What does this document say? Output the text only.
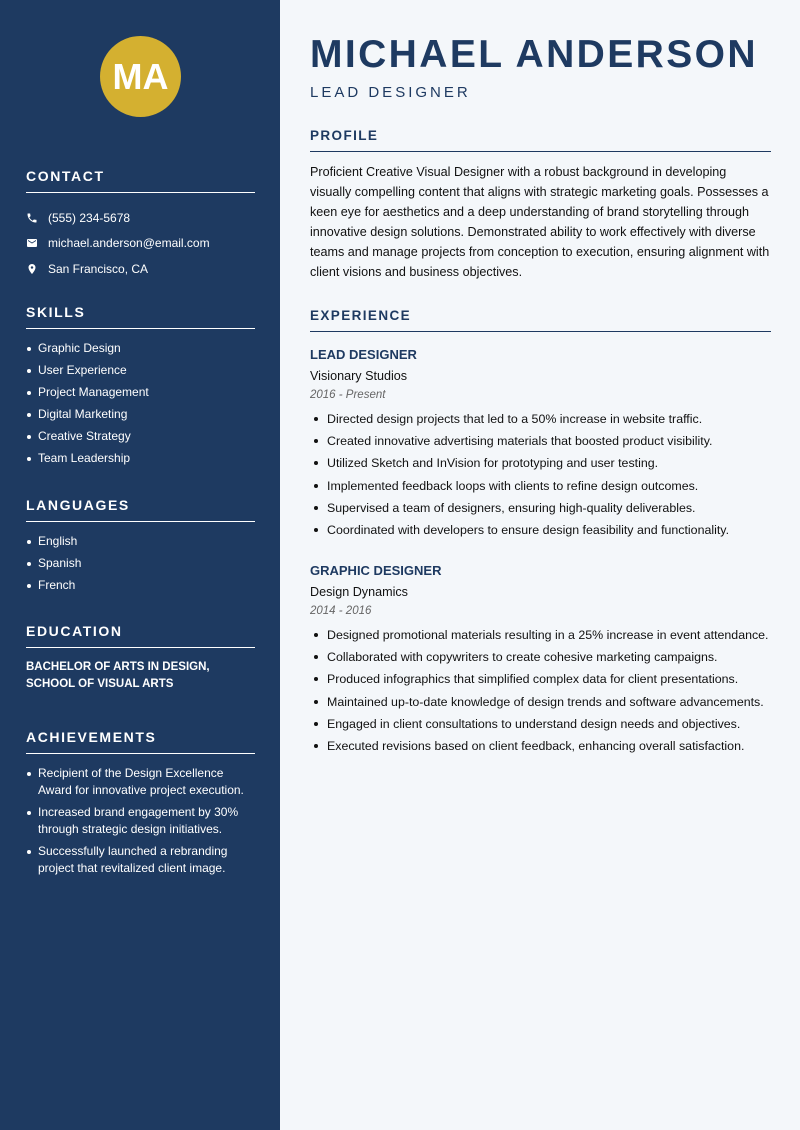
MA
CONTACT
(555) 234-5678
michael.anderson@email.com
San Francisco, CA
SKILLS
Graphic Design
User Experience
Project Management
Digital Marketing
Creative Strategy
Team Leadership
LANGUAGES
English
Spanish
French
EDUCATION
BACHELOR OF ARTS IN DESIGN, SCHOOL OF VISUAL ARTS
ACHIEVEMENTS
Recipient of the Design Excellence Award for innovative project execution.
Increased brand engagement by 30% through strategic design initiatives.
Successfully launched a rebranding project that revitalized client image.
MICHAEL ANDERSON
LEAD DESIGNER
PROFILE

Proficient Creative Visual Designer with a robust background in developing visually compelling content that aligns with strategic marketing goals. Possesses a keen eye for aesthetics and a deep understanding of brand storytelling through innovative design solutions. Demonstrated ability to work effectively with diverse teams and manage projects from conception to execution, ensuring alignment with client visions and business objectives.

EXPERIENCE
LEAD DESIGNER
Visionary Studios
2016 - Present
Directed design projects that led to a 50% increase in website traffic.
Created innovative advertising materials that boosted product visibility.
Utilized Sketch and InVision for prototyping and user testing.
Implemented feedback loops with clients to refine design outcomes.
Supervised a team of designers, ensuring high-quality deliverables.
Coordinated with developers to ensure design feasibility and functionality.
GRAPHIC DESIGNER
Design Dynamics
2014 - 2016
Designed promotional materials resulting in a 25% increase in event attendance.
Collaborated with copywriters to create cohesive marketing campaigns.
Produced infographics that simplified complex data for client presentations.
Maintained up-to-date knowledge of design trends and software advancements.
Engaged in client consultations to understand design needs and objectives.
Executed revisions based on client feedback, enhancing overall satisfaction.
